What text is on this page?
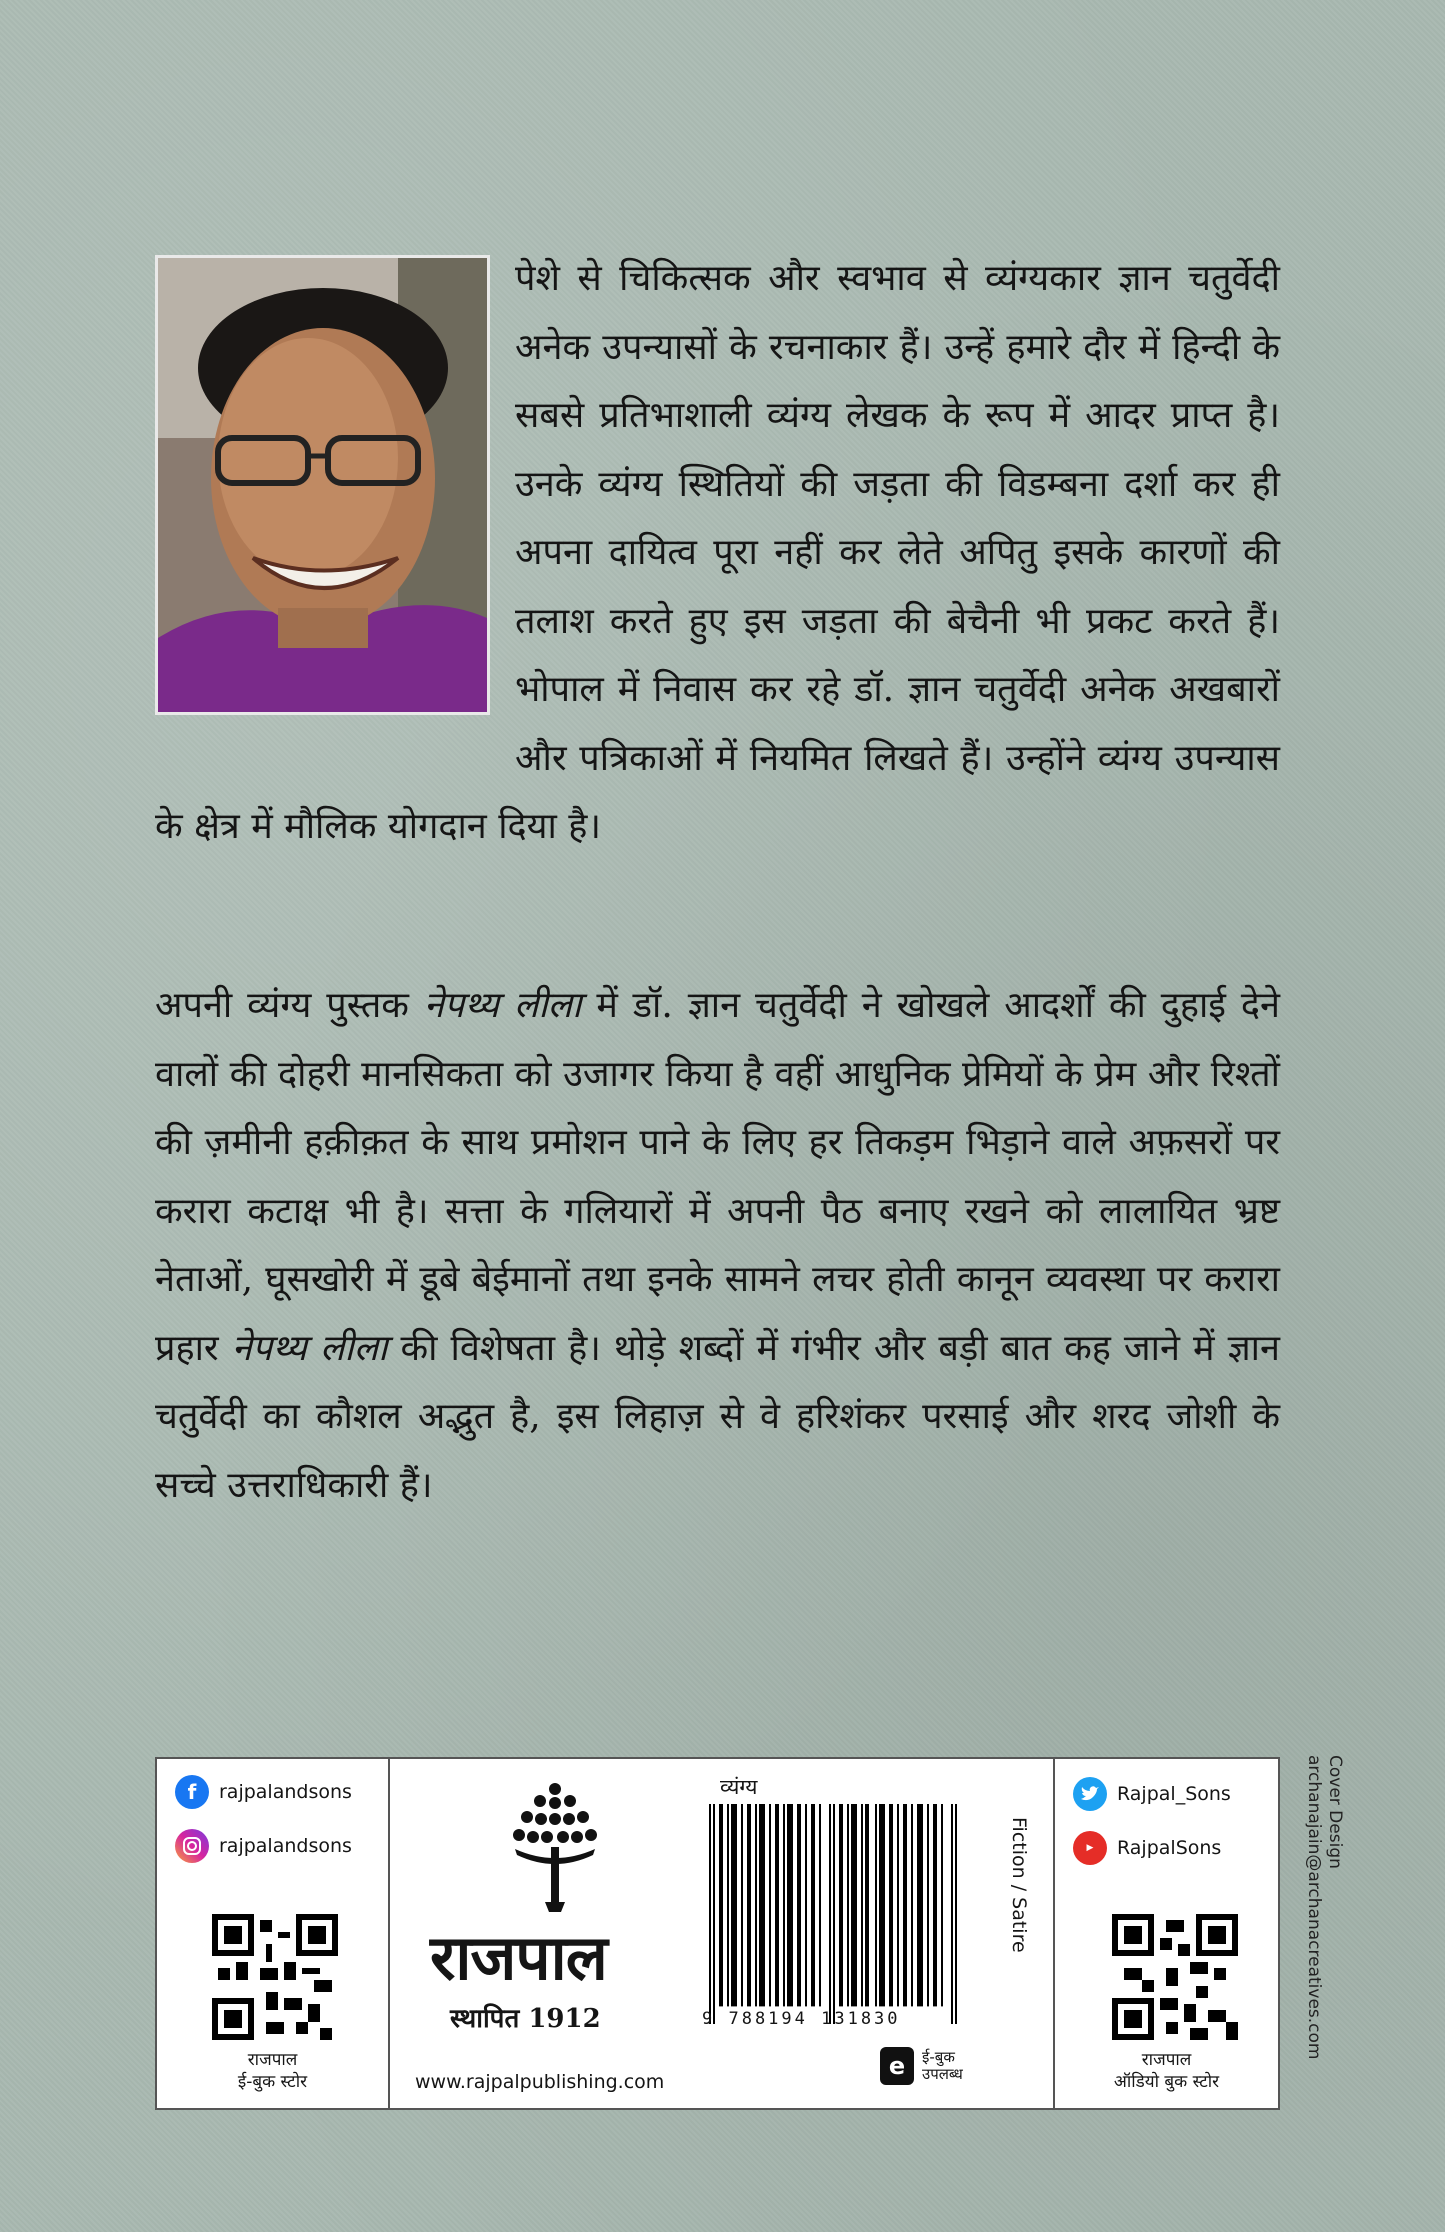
पेशे से चिकित्सक और स्वभाव से व्यंग्यकार ज्ञान चतुर्वेदी अनेक उपन्यासों के रचनाकार हैं। उन्हें हमारे दौर में हिन्दी के सबसे प्रतिभाशाली व्यंग्य लेखक के रूप में आदर प्राप्त है। उनके व्यंग्य स्थितियों की जड़ता की विडम्बना दर्शा कर ही अपना दायित्व पूरा नहीं कर लेते अपितु इसके कारणों की तलाश करते हुए इस जड़ता की बेचैनी भी प्रकट करते हैं। भोपाल में निवास कर रहे डॉ. ज्ञान चतुर्वेदी अनेक अखबारों और पत्रिकाओं में नियमित लिखते हैं। उन्होंने व्यंग्य उपन्यास के क्षेत्र में मौलिक योगदान दिया है।
अपनी व्यंग्य पुस्तक नेपथ्य लीला में डॉ. ज्ञान चतुर्वेदी ने खोखले आदर्शों की दुहाई देने वालों की दोहरी मानसिकता को उजागर किया है वहीं आधुनिक प्रेमियों के प्रेम और रिश्तों की ज़मीनी हक़ीक़त के साथ प्रमोशन पाने के लिए हर तिकड़म भिड़ाने वाले अफ़सरों पर करारा कटाक्ष भी है। सत्ता के गलियारों में अपनी पैठ बनाए रखने को लालायित भ्रष्ट नेताओं, घूसखोरी में डूबे बेईमानों तथा इनके सामने लचर होती कानून व्यवस्था पर करारा प्रहार नेपथ्य लीला की विशेषता है। थोड़े शब्दों में गंभीर और बड़ी बात कह जाने में ज्ञान चतुर्वेदी का कौशल अद्भुत है, इस लिहाज़ से वे हरिशंकर परसाई और शरद जोशी के सच्चे उत्तराधिकारी हैं।
f	rajpalandsons
rajpalandsons
राजपाल
ई-बुक स्टोर
राजपाल
स्थापित 1912
www.rajpalpublishing.com
व्यंग्य
9 788194 131830
Fiction / Satire
e	ई-बुक
उपलब्ध
Rajpal_Sons
▶	RajpalSons
राजपाल
ऑडियो बुक स्टोर
Cover Design
archanajain@archanacreatives.com
